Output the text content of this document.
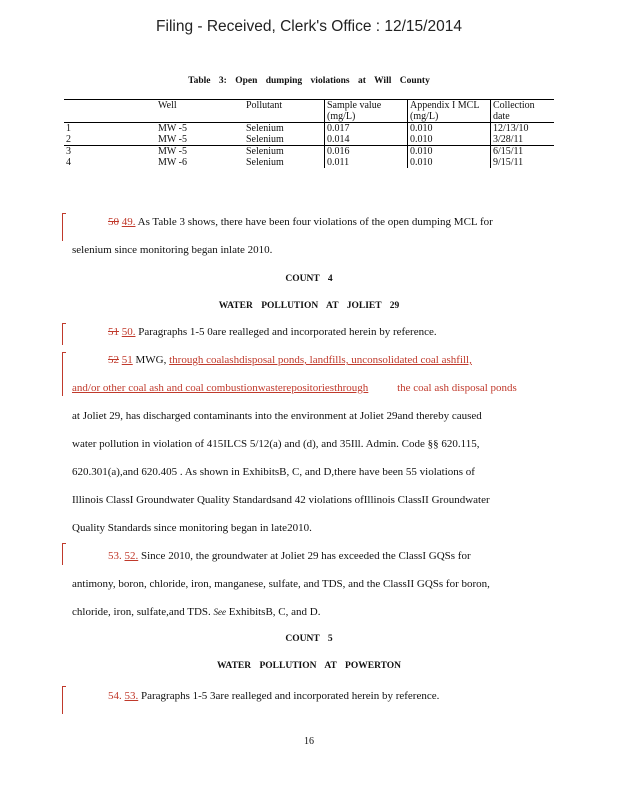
Filing - Received, Clerk's Office : 12/15/2014
Table 3: Open dumping violations at Will County
	Well	Pollutant	Sample value (mg/L)	Appendix I MCL (mg/L)	Collection date
1	MW -5	Selenium	0.017	0.010	12/13/10
2	MW -5	Selenium	0.014	0.010	3/28/11
3	MW -5	Selenium	0.016	0.010	6/15/11
4	MW -6	Selenium	0.011	0.010	9/15/11
50 49. As Table 3 shows, there have been four violations of the open dumping MCL for
selenium since monitoring began inlate 2010.
COUNT 4
WATER POLLUTION AT JOLIET 29
51 50. Paragraphs 1-5 0are realleged and incorporated herein by reference.
52 51 MWG, through coalashdisposal ponds, landfills, unconsolidated coal ashfill,
and/or other coal ash and coal combustionwasterepositoriesthrough	the coal ash disposal ponds
at Joliet 29, has discharged contaminants into the environment at Joliet 29and thereby caused
water pollution in violation of 415ILCS 5/12(a) and (d), and 35Ill. Admin. Code §§ 620.115,
620.301(a),and 620.405 . As shown in ExhibitsB, C, and D,there have been 55 violations of
Illinois ClassI Groundwater Quality Standardsand 42 violations ofIllinois ClassII Groundwater
Quality Standards since monitoring began in late2010.
53. 52. Since 2010, the groundwater at Joliet 29 has exceeded the ClassI GQSs for
antimony, boron, chloride, iron, manganese, sulfate, and TDS, and the ClassII GQSs for boron,
chloride, iron, sulfate,and TDS. See ExhibitsB, C, and D.
COUNT 5
WATER POLLUTION AT POWERTON
54. 53. Paragraphs 1-5 3are realleged and incorporated herein by reference.
16
